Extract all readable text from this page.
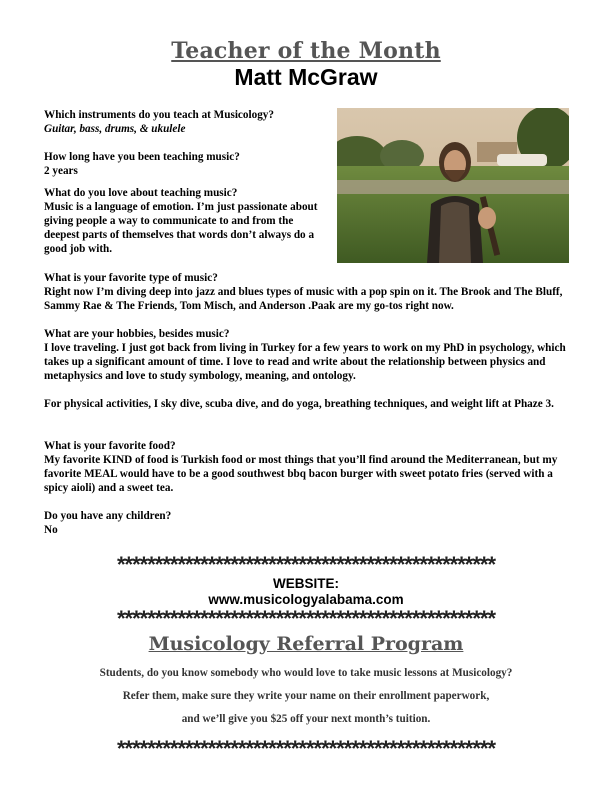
Teacher of the Month
Matt McGraw
Which instruments do you teach at Musicology?
Guitar, bass, drums, & ukulele
How long have you been teaching music?
2 years
What do you love about teaching music?
Music is a language of emotion. I’m just passionate about giving people a way to communicate to and from the deepest parts of themselves that words don’t always do a good job with.
What is your favorite type of music?
Right now I’m diving deep into jazz and blues types of music with a pop spin on it. The Brook and The Bluff, Sammy Rae & The Friends, Tom Misch, and Anderson .Paak are my go-tos right now.
What are your hobbies, besides music?
I love traveling. I just got back from living in Turkey for a few years to work on my PhD in psychology, which takes up a significant amount of time. I love to read and write about the relationship between physics and metaphysics and love to study symbology, meaning, and ontology.
For physical activities, I sky dive, scuba dive, and do yoga, breathing techniques, and weight lift at Phaze 3.
What is your favorite food?
My favorite KIND of food is Turkish food or most things that you’ll find around the Mediterranean, but my favorite MEAL would have to be a good southwest bbq bacon burger with sweet potato fries (served with a spicy aioli) and a sweet tea.
Do you have any children?
No
**************************************************
WEBSITE:
www.musicologyalabama.com
**************************************************
Musicology Referral Program
Students, do you know somebody who would love to take music lessons at Musicology?
Refer them, make sure they write your name on their enrollment paperwork,
and we’ll give you $25 off your next month’s tuition.
**************************************************
